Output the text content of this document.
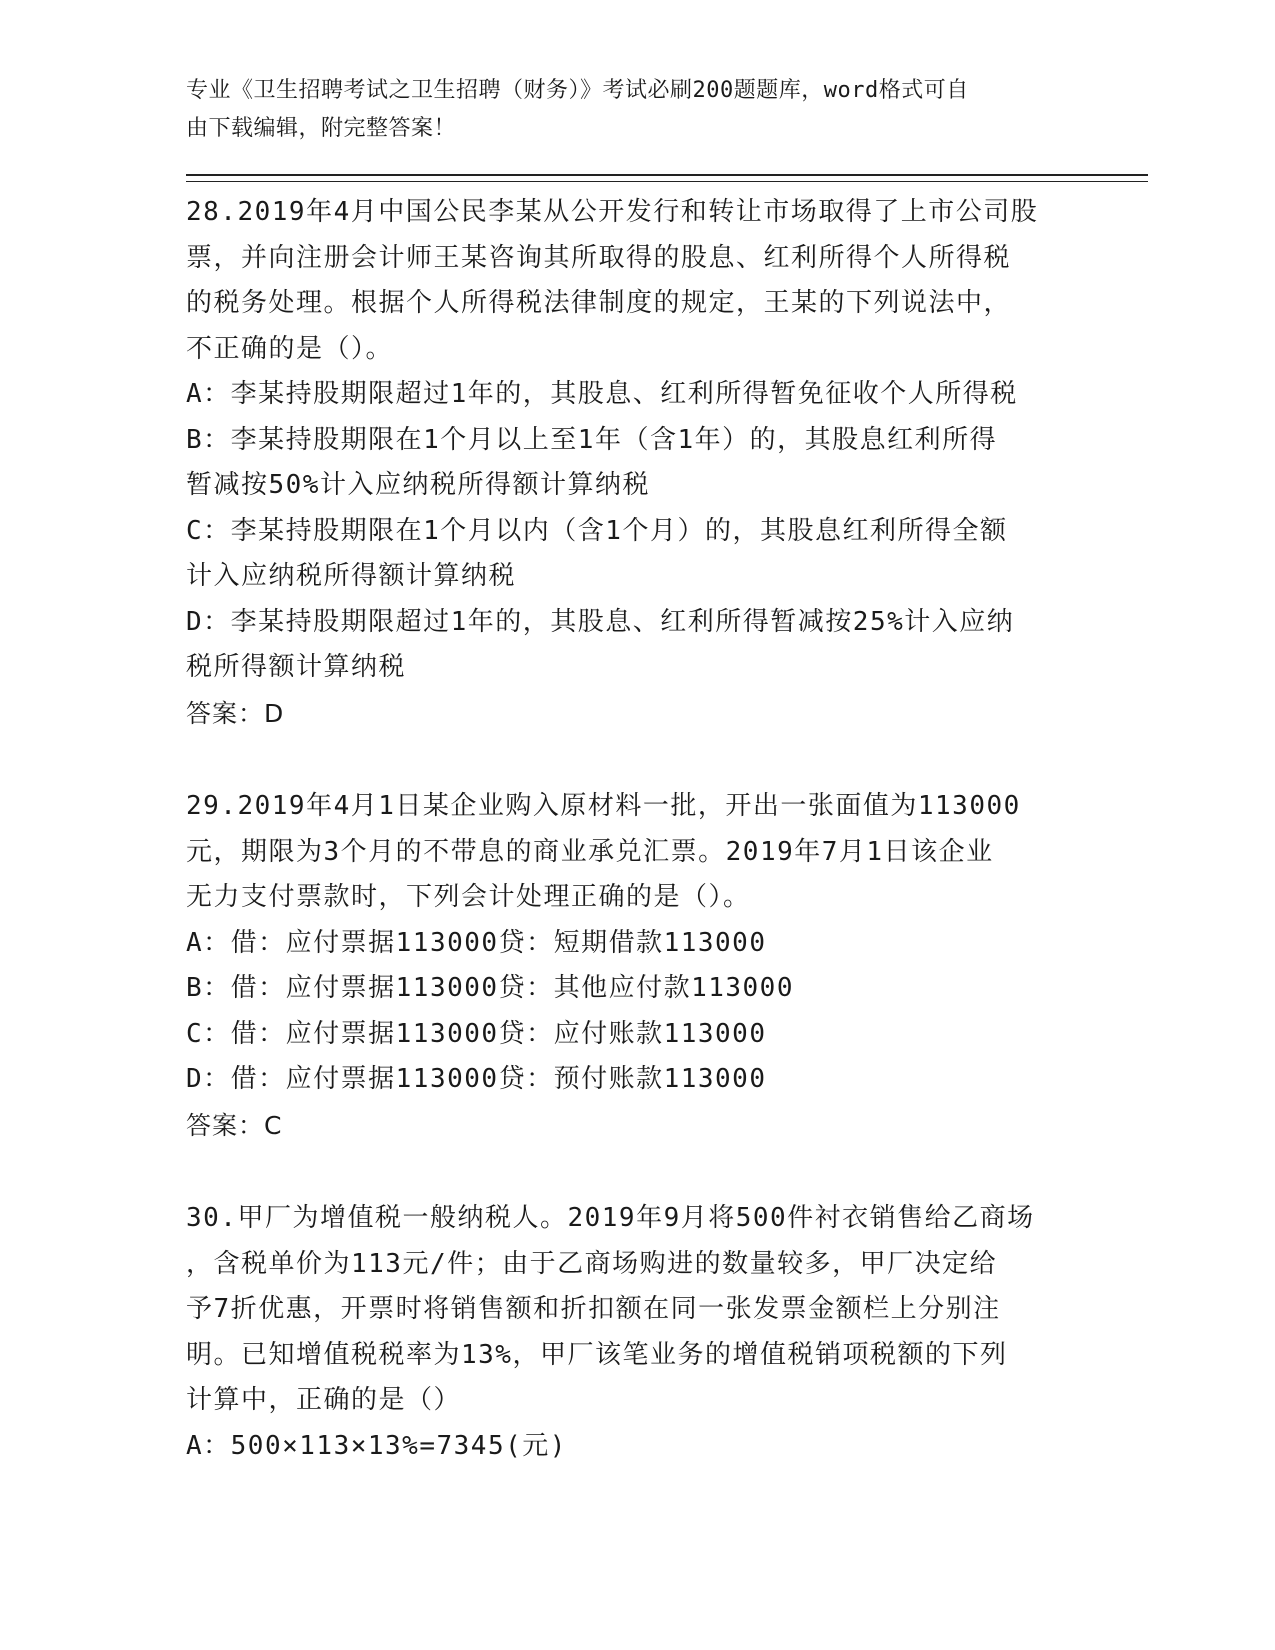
专业《卫生招聘考试之卫生招聘（财务）》考试必刷200题题库，word格式可自
由下载编辑，附完整答案！
28.2019年4月中国公民李某从公开发行和转让市场取得了上市公司股
票，并向注册会计师王某咨询其所取得的股息、红利所得个人所得税
的税务处理。根据个人所得税法律制度的规定，王某的下列说法中，
不正确的是（）。
A：李某持股期限超过1年的，其股息、红利所得暂免征收个人所得税
B：李某持股期限在1个月以上至1年（含1年）的，其股息红利所得
暂减按50%计入应纳税所得额计算纳税
C：李某持股期限在1个月以内（含1个月）的，其股息红利所得全额
计入应纳税所得额计算纳税
D：李某持股期限超过1年的，其股息、红利所得暂减按25%计入应纳
税所得额计算纳税
答案：D
29.2019年4月1日某企业购入原材料一批，开出一张面值为113000
元，期限为3个月的不带息的商业承兑汇票。2019年7月1日该企业
无力支付票款时，下列会计处理正确的是（）。
A：借：应付票据113000贷：短期借款113000
B：借：应付票据113000贷：其他应付款113000
C：借：应付票据113000贷：应付账款113000
D：借：应付票据113000贷：预付账款113000
答案：C
30.甲厂为增值税一般纳税人。2019年9月将500件衬衣销售给乙商场
，含税单价为113元/件；由于乙商场购进的数量较多，甲厂决定给
予7折优惠，开票时将销售额和折扣额在同一张发票金额栏上分别注
明。已知增值税税率为13%，甲厂该笔业务的增值税销项税额的下列
计算中，正确的是（）
A：500×113×13%=7345(元)
